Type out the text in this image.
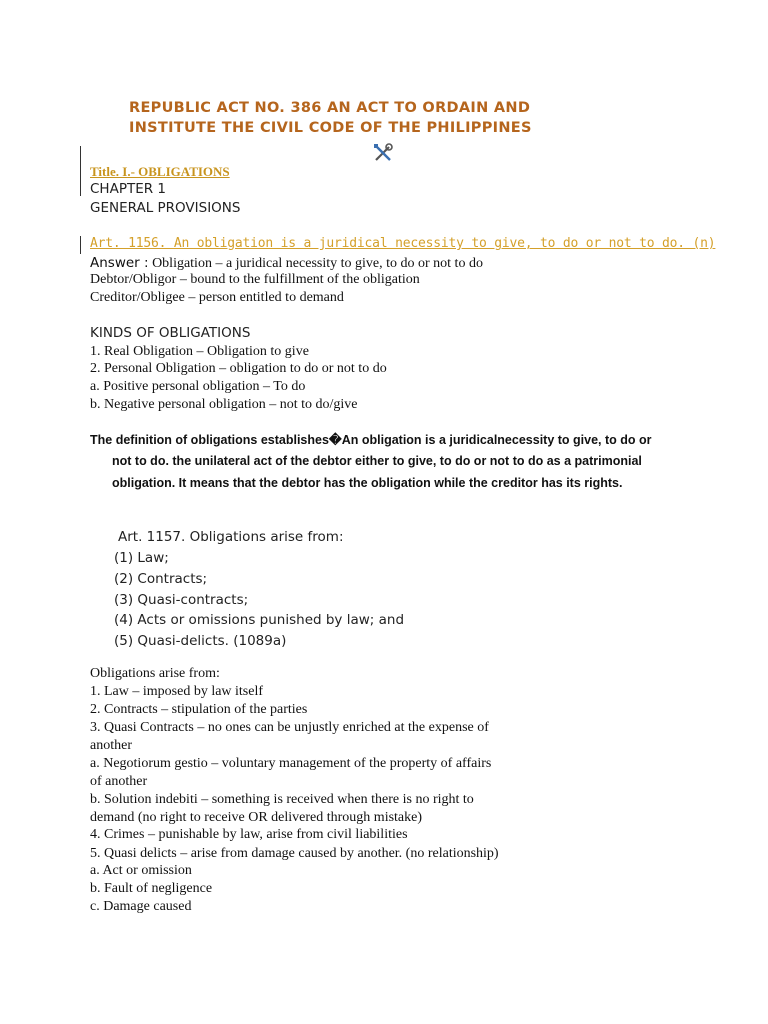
REPUBLIC ACT NO. 386 AN ACT TO ORDAIN AND
INSTITUTE THE CIVIL CODE OF THE PHILIPPINES
Title. I.- OBLIGATIONS
CHAPTER 1
GENERAL PROVISIONS
Art. 1156. An obligation is a juridical necessity to give, to do or not to do. (n)
Answer : Obligation – a juridical necessity to give, to do or not to do
Debtor/Obligor – bound to the fulfillment of the obligation
Creditor/Obligee – person entitled to demand
KINDS OF OBLIGATIONS
1. Real Obligation – Obligation to give
2. Personal Obligation – obligation to do or not to do
a. Positive personal obligation – To do
b. Negative personal obligation – not to do/give
The definition of obligations establishes�An obligation is a juridicalnecessity to give, to do or
not to do. the unilateral act of the debtor either to give, to do or not to do as a patrimonial
obligation. It means that the debtor has the obligation while the creditor has its rights.
Art. 1157. Obligations arise from:
(1) Law;
(2) Contracts;
(3) Quasi-contracts;
(4) Acts or omissions punished by law; and
(5) Quasi-delicts. (1089a)
Obligations arise from:
1. Law – imposed by law itself
2. Contracts – stipulation of the parties
3. Quasi Contracts – no ones can be unjustly enriched at the expense of
another
a. Negotiorum gestio – voluntary management of the property of affairs
of another
b. Solution indebiti – something is received when there is no right to
demand (no right to receive OR delivered through mistake)
4. Crimes – punishable by law, arise from civil liabilities
5. Quasi delicts – arise from damage caused by another. (no relationship)
a. Act or omission
b. Fault of negligence
c. Damage caused
